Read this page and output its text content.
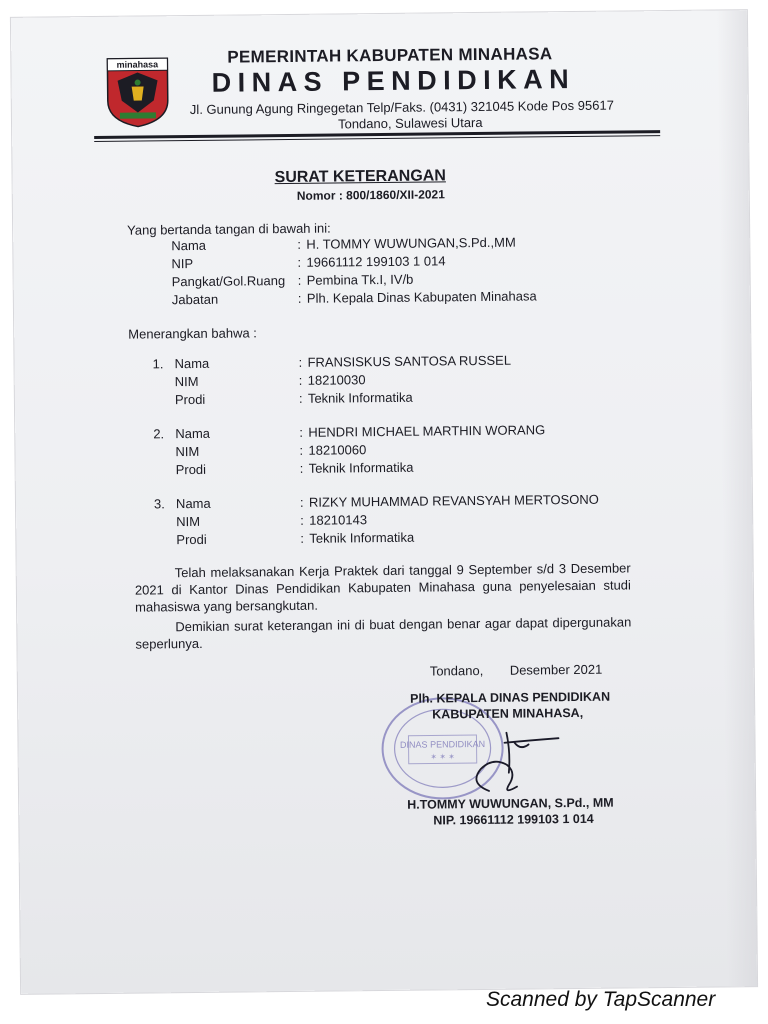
minahasa	PEMERINTAH KABUPATEN MINAHASA
DINAS PENDIDIKAN
Jl. Gunung Agung Ringegetan Telp/Faks. (0431) 321045 Kode Pos 95617
Tondano, Sulawesi Utara
SURAT KETERANGAN
Nomor : 800/1860/XII-2021
Yang bertanda tangan di bawah ini:
Nama	: H. TOMMY WUWUNGAN,S.Pd.,MM
NIP	: 19661112 199103 1 014
Pangkat/Gol.Ruang : Pembina Tk.I, IV/b
Jabatan	: Plh. Kepala Dinas Kabupaten Minahasa
Menerangkan bahwa :
1. Nama	: FRANSISKUS SANTOSA RUSSEL
NIM	: 18210030
Prodi	: Teknik Informatika
2. Nama	: HENDRI MICHAEL MARTHIN WORANG
NIM	: 18210060
Prodi	: Teknik Informatika
3. Nama	: RIZKY MUHAMMAD REVANSYAH MERTOSONO
NIM	: 18210143
Prodi	: Teknik Informatika
Telah melaksanakan Kerja Praktek dari tanggal 9 September s/d 3 Desember 2021 di Kantor Dinas Pendidikan Kabupaten Minahasa guna penyelesaian studi mahasiswa yang bersangkutan.
Demikian surat keterangan ini di buat dengan benar agar dapat dipergunakan seperlunya.
Tondano, Desember 2021
DINAS PENDIDIKAN
✶ ✶ ✶
Plh. KEPALA DINAS PENDIDIKAN
KABUPATEN MINAHASA,
H.TOMMY WUWUNGAN, S.Pd., MM
NIP. 19661112 199103 1 014
Scanned by TapScanner
